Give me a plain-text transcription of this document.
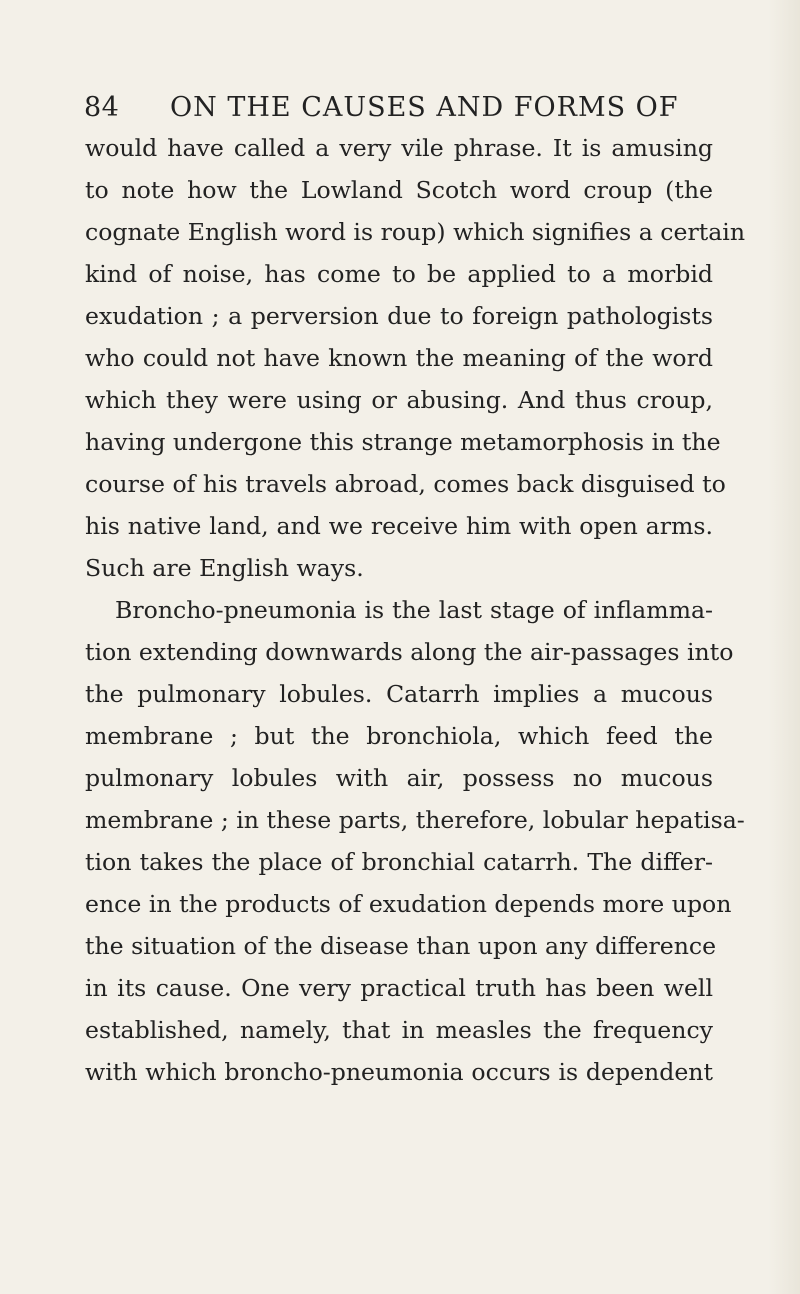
84 ON THE CAUSES AND FORMS OF
would have called a very vile phrase. It is amusing
to note how the Lowland Scotch word croup (the
cognate English word is roup) which signifies a certain
kind of noise, has come to be applied to a morbid
exudation ; a perversion due to foreign pathologists
who could not have known the meaning of the word
which they were using or abusing. And thus croup,
having undergone this strange metamorphosis in the
course of his travels abroad, comes back disguised to
his native land, and we receive him with open arms.
Such are English ways.
Broncho-pneumonia is the last stage of inflamma-
tion extending downwards along the air-passages into
the pulmonary lobules. Catarrh implies a mucous
membrane ; but the bronchiola, which feed the
pulmonary lobules with air, possess no mucous
membrane ; in these parts, therefore, lobular hepatisa-
tion takes the place of bronchial catarrh. The differ-
ence in the products of exudation depends more upon
the situation of the disease than upon any difference
in its cause. One very practical truth has been well
established, namely, that in measles the frequency
with which broncho-pneumonia occurs is dependent
